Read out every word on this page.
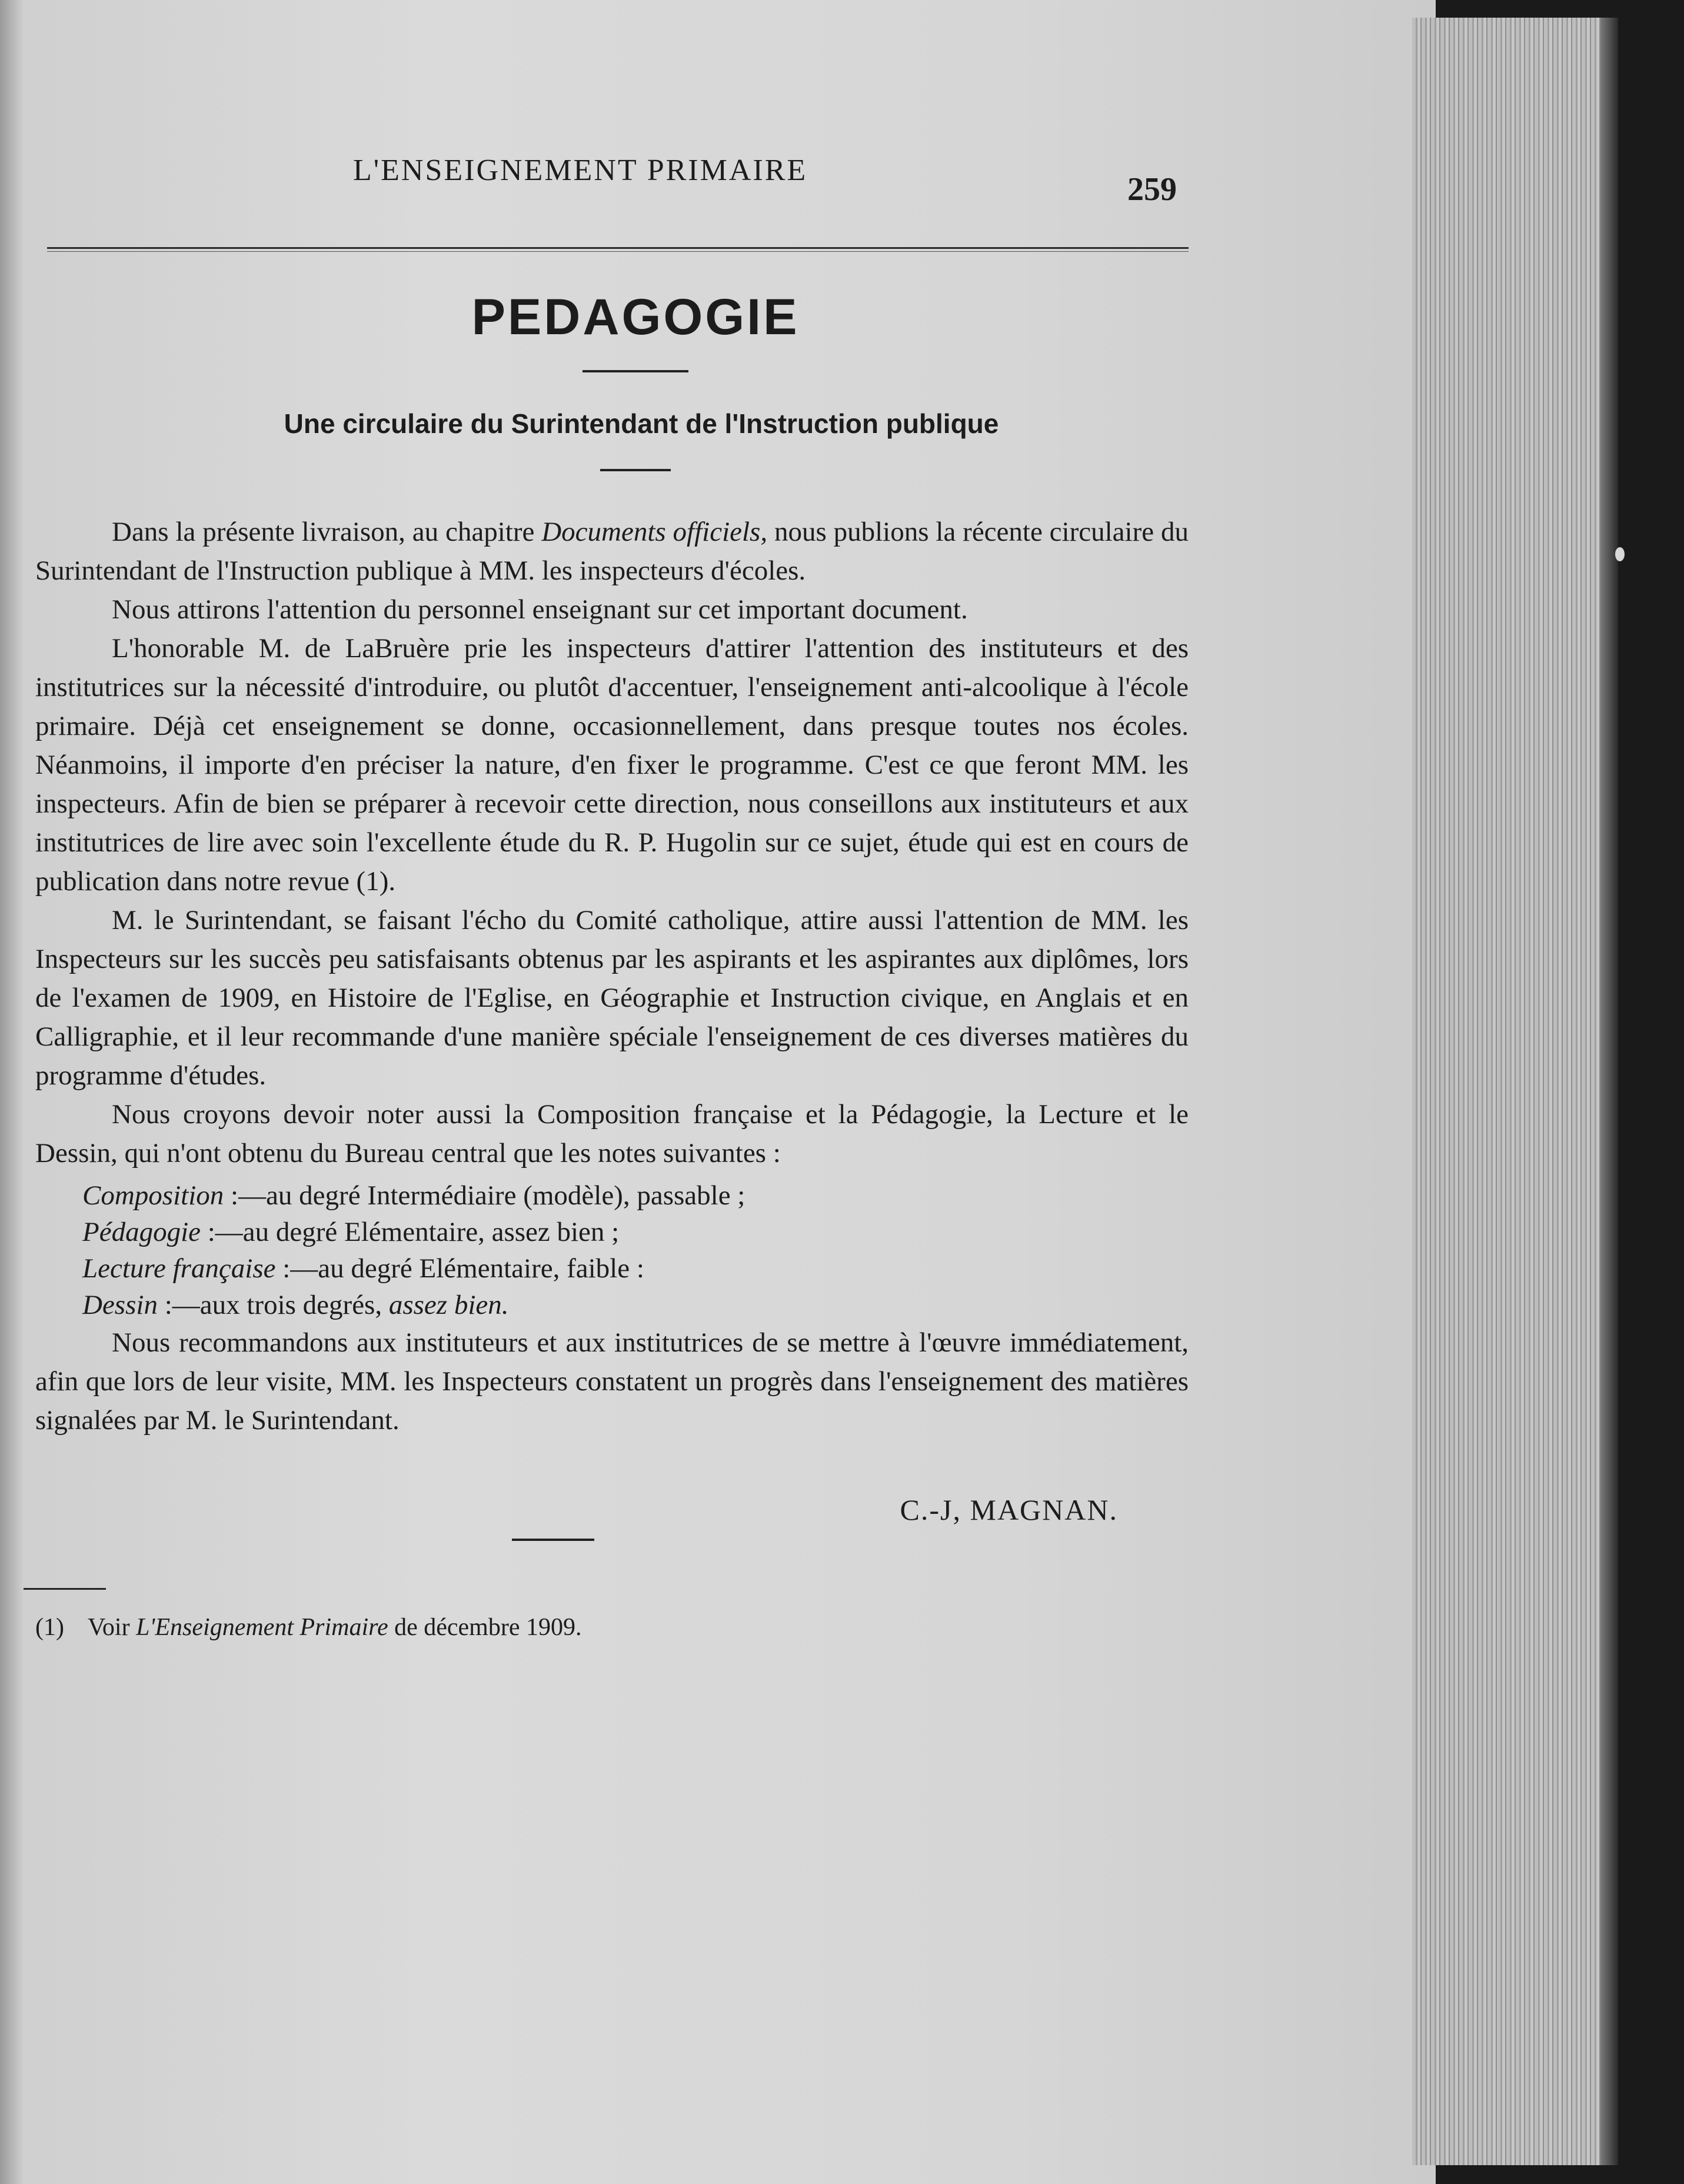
L'ENSEIGNEMENT PRIMAIRE
259
PEDAGOGIE
Une circulaire du Surintendant de l'Instruction publique

Dans la présente livraison, au chapitre Documents officiels, nous publions la récente circulaire du Surintendant de l'Instruction publique à MM. les inspecteurs d'écoles.

Nous attirons l'attention du personnel enseignant sur cet important document.

L'honorable M. de LaBruère prie les inspecteurs d'attirer l'attention des instituteurs et des institutrices sur la nécessité d'introduire, ou plutôt d'accentuer, l'enseignement anti-alcoolique à l'école primaire. Déjà cet enseignement se donne, occasionnellement, dans presque toutes nos écoles. Néanmoins, il importe d'en préciser la nature, d'en fixer le programme. C'est ce que feront MM. les inspecteurs. Afin de bien se préparer à recevoir cette direction, nous conseillons aux instituteurs et aux institutrices de lire avec soin l'excellente étude du R. P. Hugolin sur ce sujet, étude qui est en cours de publication dans notre revue (1).

M. le Surintendant, se faisant l'écho du Comité catholique, attire aussi l'attention de MM. les Inspecteurs sur les succès peu satisfaisants obtenus par les aspirants et les aspirantes aux diplômes, lors de l'examen de 1909, en Histoire de l'Eglise, en Géographie et Instruction civique, en Anglais et en Calligraphie, et il leur recommande d'une manière spéciale l'enseignement de ces diverses matières du programme d'études.

Nous croyons devoir noter aussi la Composition française et la Pédagogie, la Lecture et le Dessin, qui n'ont obtenu du Bureau central que les notes suivantes :

Composition :—au degré Intermédiaire (modèle), passable ;
Pédagogie :—au degré Elémentaire, assez bien ;
Lecture française :—au degré Elémentaire, faible :
Dessin :—aux trois degrés, assez bien.

Nous recommandons aux instituteurs et aux institutrices de se mettre à l'œuvre immédiatement, afin que lors de leur visite, MM. les Inspecteurs constatent un progrès dans l'enseignement des matières signalées par M. le Surintendant.

C.-J, MAGNAN.
(1) Voir L'Enseignement Primaire de décembre 1909.
